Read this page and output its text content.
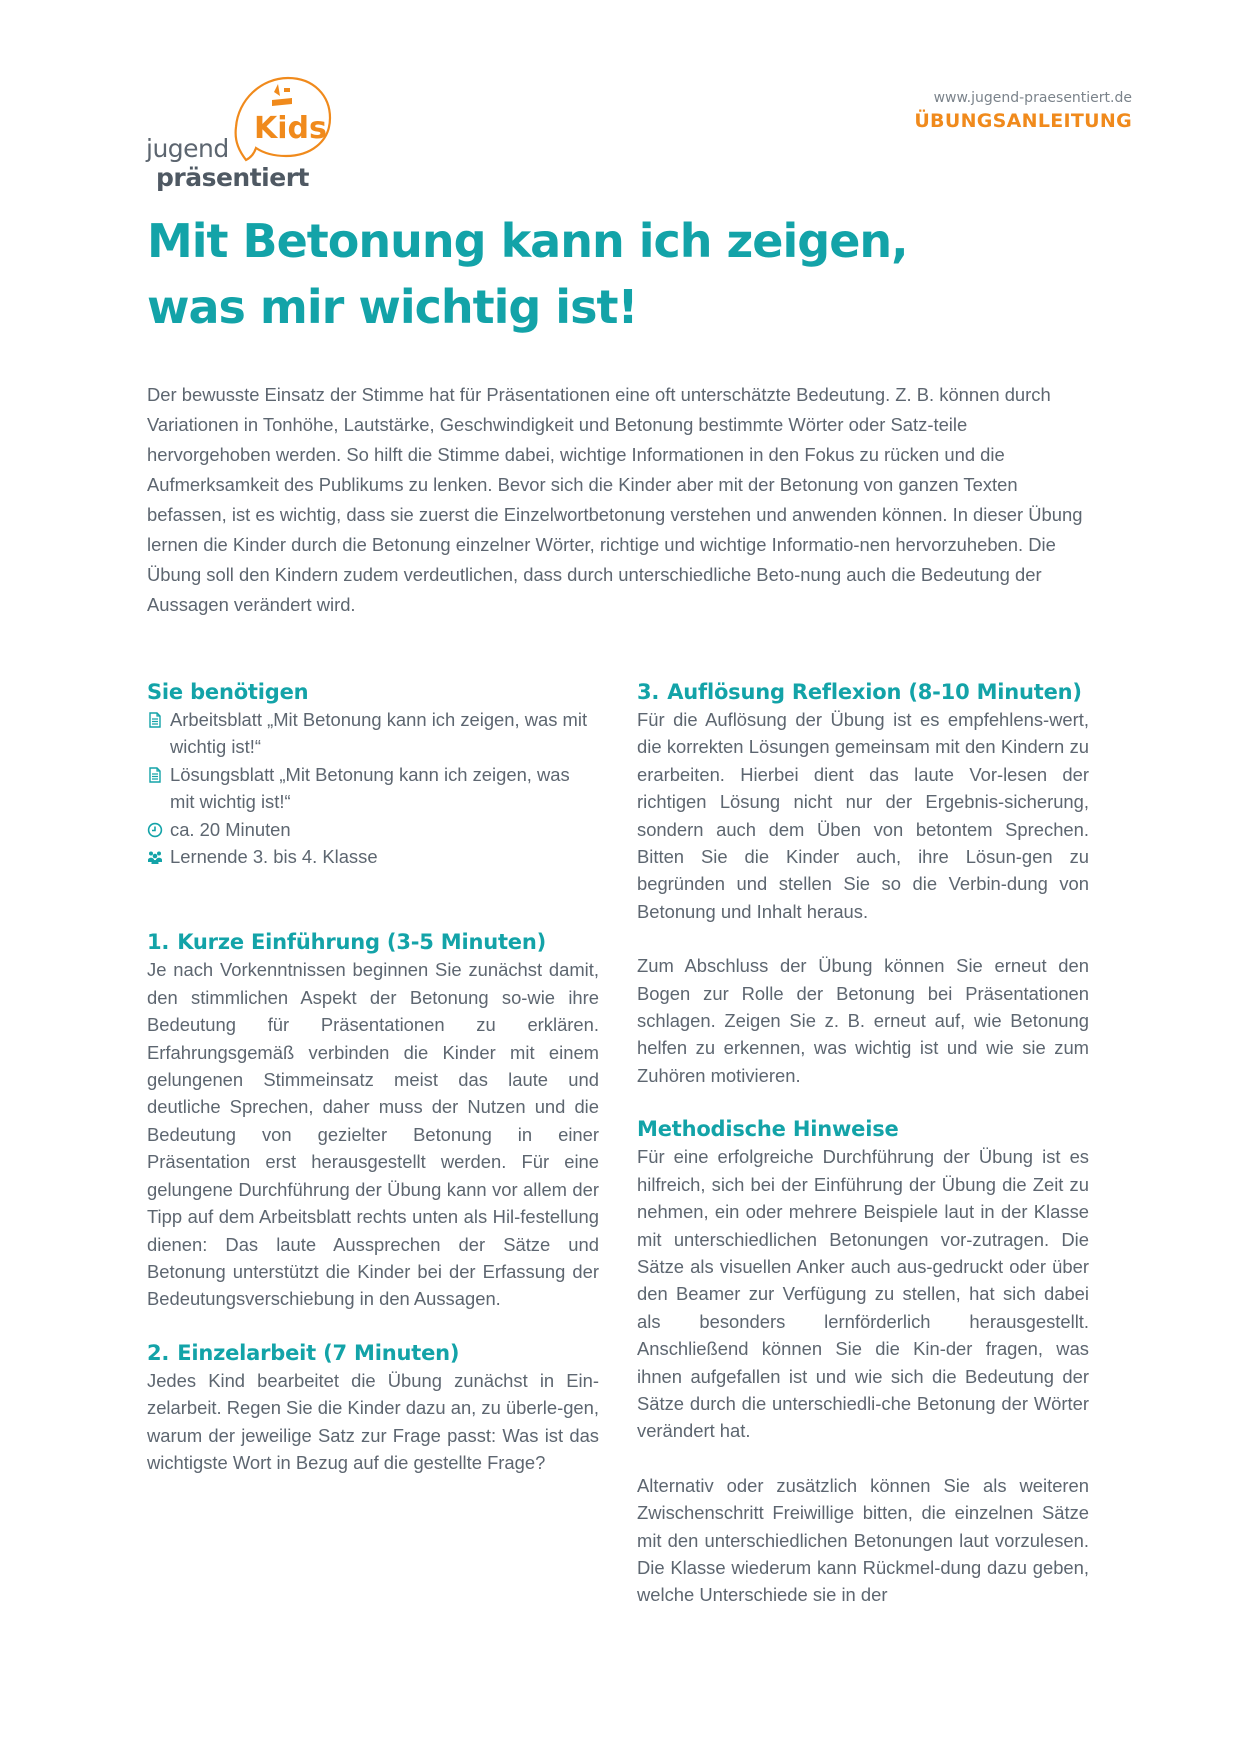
Kids
jugend
präsentiert
www.jugend-praesentiert.de
ÜBUNGSANLEITUNG
Mit Betonung kann ich zeigen, was mir wichtig ist!

Der bewusste Einsatz der Stimme hat für Präsentationen eine oft unterschätzte Bedeutung. Z. B. können durch Variationen in Tonhöhe, Lautstärke, Geschwindigkeit und Betonung bestimmte Wörter oder Satz-teile hervorgehoben werden. So hilft die Stimme dabei, wichtige Informationen in den Fokus zu rücken und die Aufmerksamkeit des Publikums zu lenken. Bevor sich die Kinder aber mit der Betonung von ganzen Texten befassen, ist es wichtig, dass sie zuerst die Einzelwortbetonung verstehen und anwenden können. In dieser Übung lernen die Kinder durch die Betonung einzelner Wörter, richtige und wichtige Informatio-nen hervorzuheben. Die Übung soll den Kindern zudem verdeutlichen, dass durch unterschiedliche Beto-nung auch die Bedeutung der Aussagen verändert wird.

Sie benötigen
Arbeitsblatt „Mit Betonung kann ich zeigen, was mit wichtig ist!“
Lösungsblatt „Mit Betonung kann ich zeigen, was mit wichtig ist!“
ca. 20 Minuten
Lernende 3. bis 4. Klasse
1. Kurze Einführung (3-5 Minuten)

Je nach Vorkenntnissen beginnen Sie zunächst damit, den stimmlichen Aspekt der Betonung so-wie ihre Bedeutung für Präsentationen zu erklären. Erfahrungsgemäß verbinden die Kinder mit einem gelungenen Stimmeinsatz meist das laute und deutliche Sprechen, daher muss der Nutzen und die Bedeutung von gezielter Betonung in einer Präsentation erst herausgestellt werden. Für eine gelungene Durchführung der Übung kann vor allem der Tipp auf dem Arbeitsblatt rechts unten als Hil-festellung dienen: Das laute Aussprechen der Sätze und Betonung unterstützt die Kinder bei der Erfassung der Bedeutungsverschiebung in den Aussagen.

2. Einzelarbeit (7 Minuten)

Jedes Kind bearbeitet die Übung zunächst in Ein-zelarbeit. Regen Sie die Kinder dazu an, zu überle-gen, warum der jeweilige Satz zur Frage passt: Was ist das wichtigste Wort in Bezug auf die gestellte Frage?

3. Auflösung Reflexion (8-10 Minuten)

Für die Auflösung der Übung ist es empfehlens-wert, die korrekten Lösungen gemeinsam mit den Kindern zu erarbeiten. Hierbei dient das laute Vor-lesen der richtigen Lösung nicht nur der Ergebnis-sicherung, sondern auch dem Üben von betontem Sprechen. Bitten Sie die Kinder auch, ihre Lösun-gen zu begründen und stellen Sie so die Verbin-dung von Betonung und Inhalt heraus.

Zum Abschluss der Übung können Sie erneut den Bogen zur Rolle der Betonung bei Präsentationen schlagen. Zeigen Sie z. B. erneut auf, wie Betonung helfen zu erkennen, was wichtig ist und wie sie zum Zuhören motivieren.

Methodische Hinweise

Für eine erfolgreiche Durchführung der Übung ist es hilfreich, sich bei der Einführung der Übung die Zeit zu nehmen, ein oder mehrere Beispiele laut in der Klasse mit unterschiedlichen Betonungen vor-zutragen. Die Sätze als visuellen Anker auch aus-gedruckt oder über den Beamer zur Verfügung zu stellen, hat sich dabei als besonders lernförderlich herausgestellt. Anschließend können Sie die Kin-der fragen, was ihnen aufgefallen ist und wie sich die Bedeutung der Sätze durch die unterschiedli-che Betonung der Wörter verändert hat.

Alternativ oder zusätzlich können Sie als weiteren Zwischenschritt Freiwillige bitten, die einzelnen Sätze mit den unterschiedlichen Betonungen laut vorzulesen. Die Klasse wiederum kann Rückmel-dung dazu geben, welche Unterschiede sie in der
